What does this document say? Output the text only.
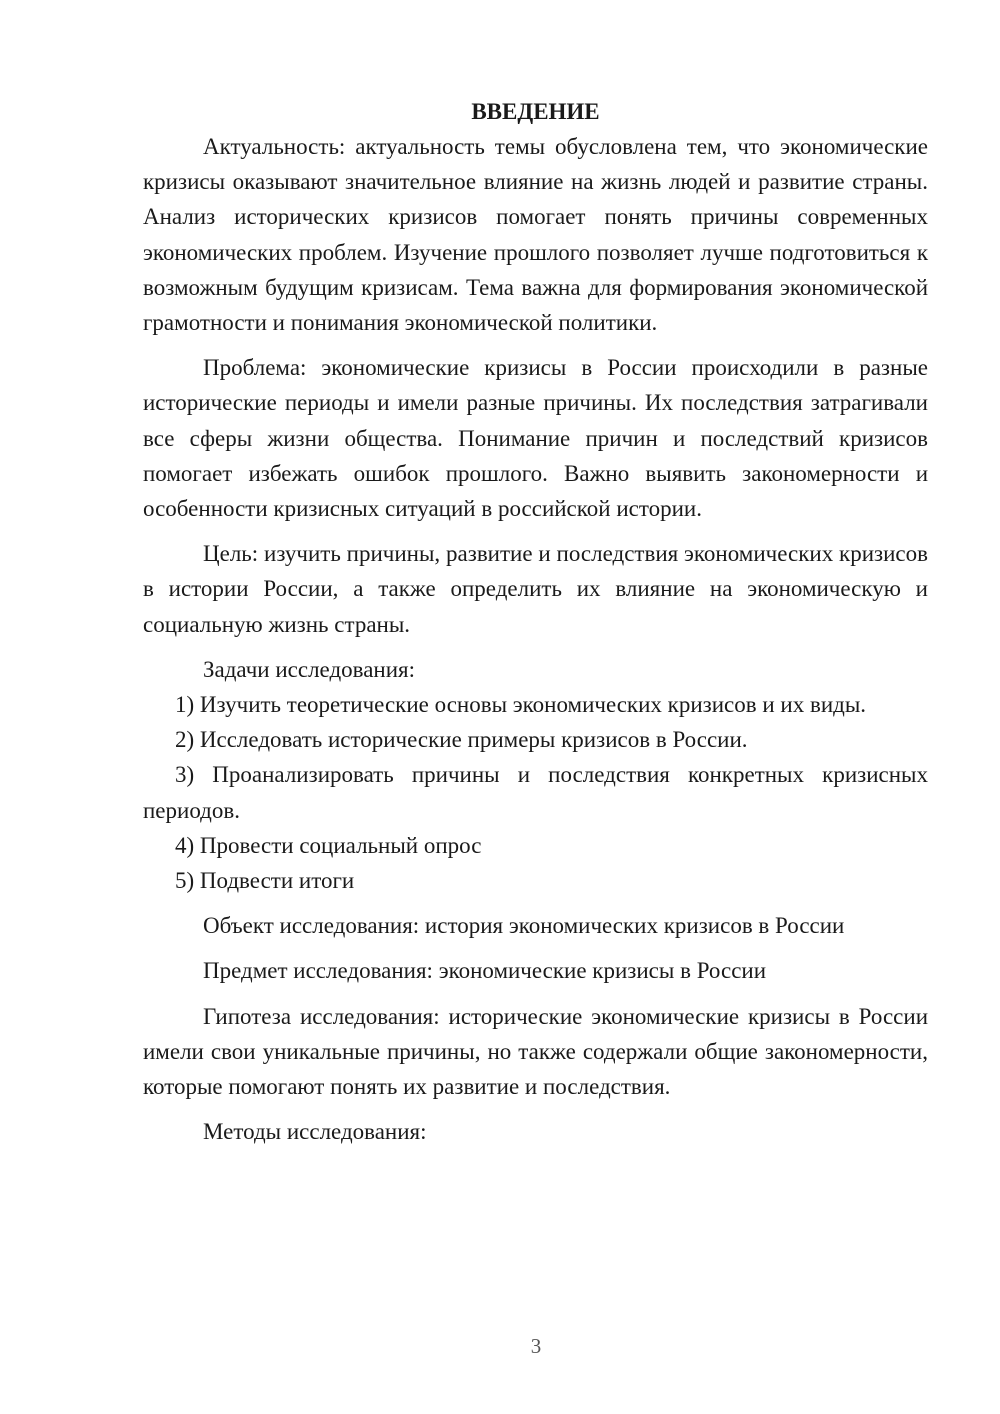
ВВЕДЕНИЕ

Актуальность: актуальность темы обусловлена тем, что экономические кризисы оказывают значительное влияние на жизнь людей и развитие страны. Анализ исторических кризисов помогает понять причины современных экономических проблем. Изучение прошлого позволяет лучше подготовиться к возможным будущим кризисам. Тема важна для формирования экономической грамотности и понимания экономической политики.

Проблема: экономические кризисы в России происходили в разные исторические периоды и имели разные причины. Их последствия затрагивали все сферы жизни общества. Понимание причин и последствий кризисов помогает избежать ошибок прошлого. Важно выявить закономерности и особенности кризисных ситуаций в российской истории.

Цель: изучить причины, развитие и последствия экономических кризисов в истории России, а также определить их влияние на экономическую и социальную жизнь страны.

Задачи исследования:

1) Изучить теоретические основы экономических кризисов и их виды.

2) Исследовать исторические примеры кризисов в России.

3) Проанализировать причины и последствия конкретных кризисных периодов.

4) Провести социальный опрос

5) Подвести итоги

Объект исследования: история экономических кризисов в России

Предмет исследования: экономические кризисы в России

Гипотеза исследования: исторические экономические кризисы в России имели свои уникальные причины, но также содержали общие закономерности, которые помогают понять их развитие и последствия.

Методы исследования:

3
